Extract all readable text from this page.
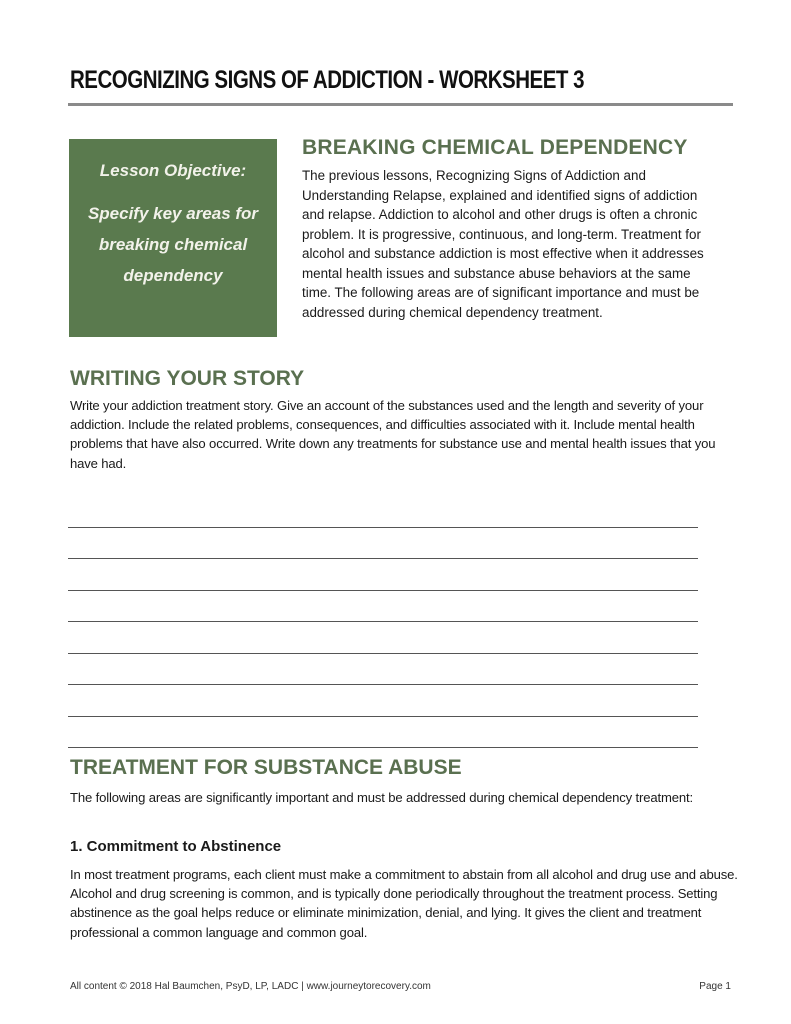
RECOGNIZING SIGNS OF ADDICTION - WORKSHEET 3
Lesson Objective:
Specify key areas for breaking chemical dependency
BREAKING CHEMICAL DEPENDENCY
The previous lessons, Recognizing Signs of Addiction and Understanding Relapse, explained and identified signs of addiction and relapse. Addiction to alcohol and other drugs is often a chronic problem. It is progressive, continuous, and long-term. Treatment for alcohol and substance addiction is most effective when it addresses mental health issues and substance abuse behaviors at the same time. The following areas are of significant importance and must be addressed during chemical dependency treatment.
WRITING YOUR STORY
Write your addiction treatment story. Give an account of the substances used and the length and severity of your addiction. Include the related problems, consequences, and difficulties associated with it. Include mental health problems that have also occurred. Write down any treatments for substance use and mental health issues that you have had.
TREATMENT FOR SUBSTANCE ABUSE
The following areas are significantly important and must be addressed during chemical dependency treatment:
1. Commitment to Abstinence
In most treatment programs, each client must make a commitment to abstain from all alcohol and drug use and abuse. Alcohol and drug screening is common, and is typically done periodically throughout the treatment process. Setting abstinence as the goal helps reduce or eliminate minimization, denial, and lying. It gives the client and treatment professional a common language and common goal.
All content © 2018 Hal Baumchen, PsyD, LP, LADC | www.journeytorecovery.com	Page 1
